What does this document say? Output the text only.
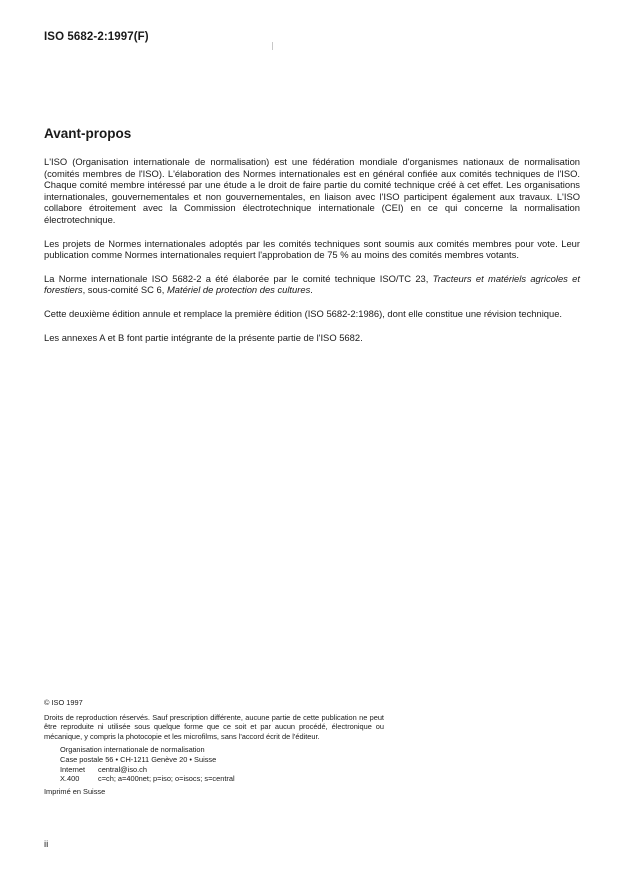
ISO 5682-2:1997(F)
Avant-propos

L'ISO (Organisation internationale de normalisation) est une fédération mondiale d'organismes nationaux de normalisation (comités membres de l'ISO). L'élaboration des Normes internationales est en général confiée aux comités techniques de l'ISO. Chaque comité membre intéressé par une étude a le droit de faire partie du comité technique créé à cet effet. Les organisations internationales, gouvernementales et non gouvernementales, en liaison avec l'ISO participent également aux travaux. L'ISO collabore étroitement avec la Commission électrotechnique internationale (CEI) en ce qui concerne la normalisation électrotechnique.

Les projets de Normes internationales adoptés par les comités techniques sont soumis aux comités membres pour vote. Leur publication comme Normes internationales requiert l'approbation de 75 % au moins des comités membres votants.

La Norme internationale ISO 5682-2 a été élaborée par le comité technique ISO/TC 23, Tracteurs et matériels agricoles et forestiers, sous-comité SC 6, Matériel de protection des cultures.

Cette deuxième édition annule et remplace la première édition (ISO 5682-2:1986), dont elle constitue une révision technique.

Les annexes A et B font partie intégrante de la présente partie de l'ISO 5682.

© ISO 1997
Droits de reproduction réservés. Sauf prescription différente, aucune partie de cette publication ne peut être reproduite ni utilisée sous quelque forme que ce soit et par aucun procédé, électronique ou mécanique, y compris la photocopie et les microfilms, sans l'accord écrit de l'éditeur.
Organisation internationale de normalisation
Case postale 56 • CH-1211 Genève 20 • Suisse
Internet	central@iso.ch
X.400	c=ch; a=400net; p=iso; o=isocs; s=central
Imprimé en Suisse
ii
